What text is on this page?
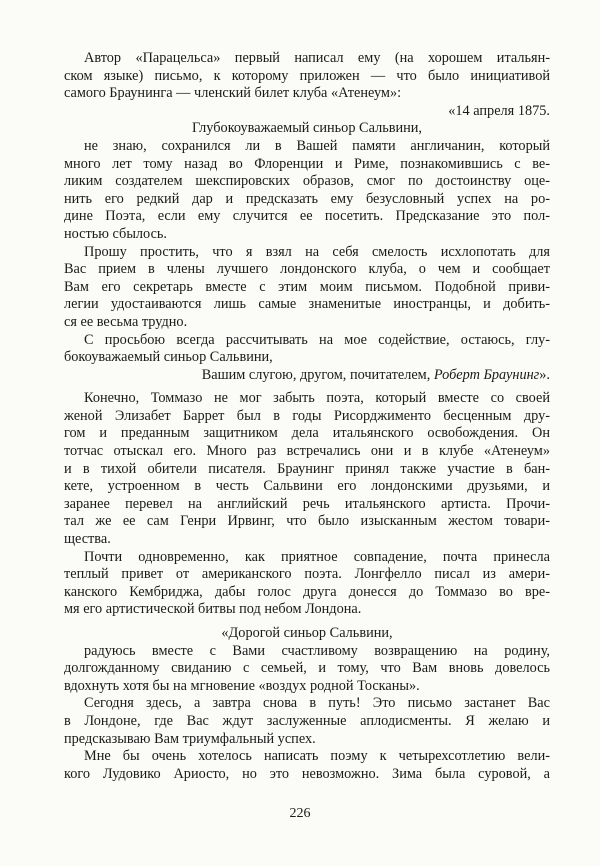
Автор «Парацельса» первый написал ему (на хорошем итальян-
ском языке) письмо, к которому приложен — что было инициативой
самого Браунинга — членский билет клуба «Атенеум»:
«14 апреля 1875.
Глубокоуважаемый синьор Сальвини,
не знаю, сохранился ли в Вашей памяти англичанин, который
много лет тому назад во Флоренции и Риме, познакомившись с ве-
ликим создателем шекспировских образов, смог по достоинству оце-
нить его редкий дар и предсказать ему безусловный успех на ро-
дине Поэта, если ему случится ее посетить. Предсказание это пол-
ностью сбылось.
Прошу простить, что я взял на себя смелость исхлопотать для
Вас прием в члены лучшего лондонского клуба, о чем и сообщает
Вам его секретарь вместе с этим моим письмом. Подобной приви-
легии удостаиваются лишь самые знаменитые иностранцы, и добить-
ся ее весьма трудно.
С просьбою всегда рассчитывать на мое содействие, остаюсь, глу-
бокоуважаемый синьор Сальвини,
Вашим слугою, другом, почитателем, Роберт Браунинг».
Конечно, Томмазо не мог забыть поэта, который вместе со своей
женой Элизабет Баррет был в годы Рисорджименто бесценным дру-
гом и преданным защитником дела итальянского освобождения. Он
тотчас отыскал его. Много раз встречались они и в клубе «Атенеум»
и в тихой обители писателя. Браунинг принял также участие в бан-
кете, устроенном в честь Сальвини его лондонскими друзьями, и
заранее перевел на английский речь итальянского артиста. Прочи-
тал же ее сам Генри Ирвинг, что было изысканным жестом товари-
щества.
Почти одновременно, как приятное совпадение, почта принесла
теплый привет от американского поэта. Лонгфелло писал из амери-
канского Кембриджа, дабы голос друга донесся до Томмазо во вре-
мя его артистической битвы под небом Лондона.
«Дорогой синьор Сальвини,
радуюсь вместе с Вами счастливому возвращению на родину,
долгожданному свиданию с семьей, и тому, что Вам вновь довелось
вдохнуть хотя бы на мгновение «воздух родной Тосканы».
Сегодня здесь, а завтра снова в путь! Это письмо застанет Вас
в Лондоне, где Вас ждут заслуженные аплодисменты. Я желаю и
предсказываю Вам триумфальный успех.
Мне бы очень хотелось написать поэму к четырехсотлетию вели-
кого Лудовико Ариосто, но это невозможно. Зима была суровой, а
226
